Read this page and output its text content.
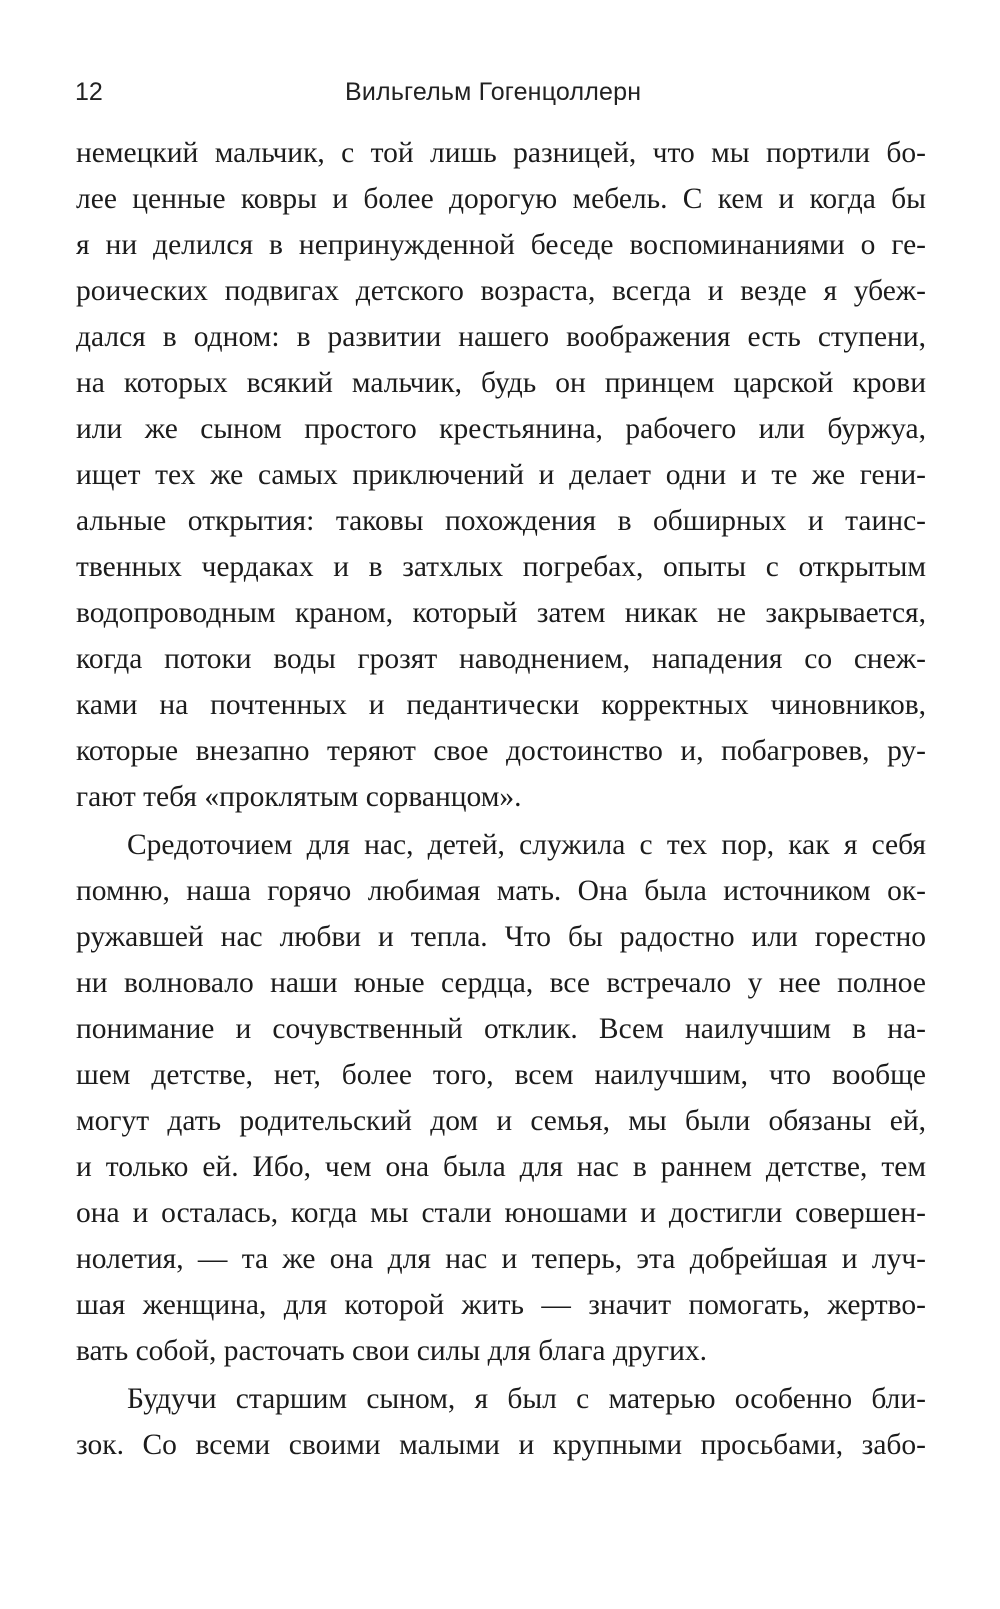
12	Вильгельм Гогенцоллерн
немецкий мальчик, с той лишь разницей, что мы портили бо-
лее ценные ковры и более дорогую мебель. С кем и когда бы
я ни делился в непринужденной беседе воспоминаниями о ге-
роических подвигах детского возраста, всегда и везде я убеж-
дался в одном: в развитии нашего воображения есть ступени,
на которых всякий мальчик, будь он принцем царской крови
или же сыном простого крестьянина, рабочего или буржуа,
ищет тех же самых приключений и делает одни и те же гени-
альные открытия: таковы похождения в обширных и таинс-
твенных чердаках и в затхлых погребах, опыты с открытым
водопроводным краном, который затем никак не закрывается,
когда потоки воды грозят наводнением, нападения со снеж-
ками на почтенных и педантически корректных чиновников,
которые внезапно теряют свое достоинство и, побагровев, ру-
гают тебя «проклятым сорванцом».
Средоточием для нас, детей, служила с тех пор, как я себя
помню, наша горячо любимая мать. Она была источником ок-
ружавшей нас любви и тепла. Что бы радостно или горестно
ни волновало наши юные сердца, все встречало у нее полное
понимание и сочувственный отклик. Всем наилучшим в на-
шем детстве, нет, более того, всем наилучшим, что вообще
могут дать родительский дом и семья, мы были обязаны ей,
и только ей. Ибо, чем она была для нас в раннем детстве, тем
она и осталась, когда мы стали юношами и достигли совершен-
нолетия, — та же она для нас и теперь, эта добрейшая и луч-
шая женщина, для которой жить — значит помогать, жертво-
вать собой, расточать свои силы для блага других.
Будучи старшим сыном, я был с матерью особенно бли-
зок. Со всеми своими малыми и крупными просьбами, забо-
